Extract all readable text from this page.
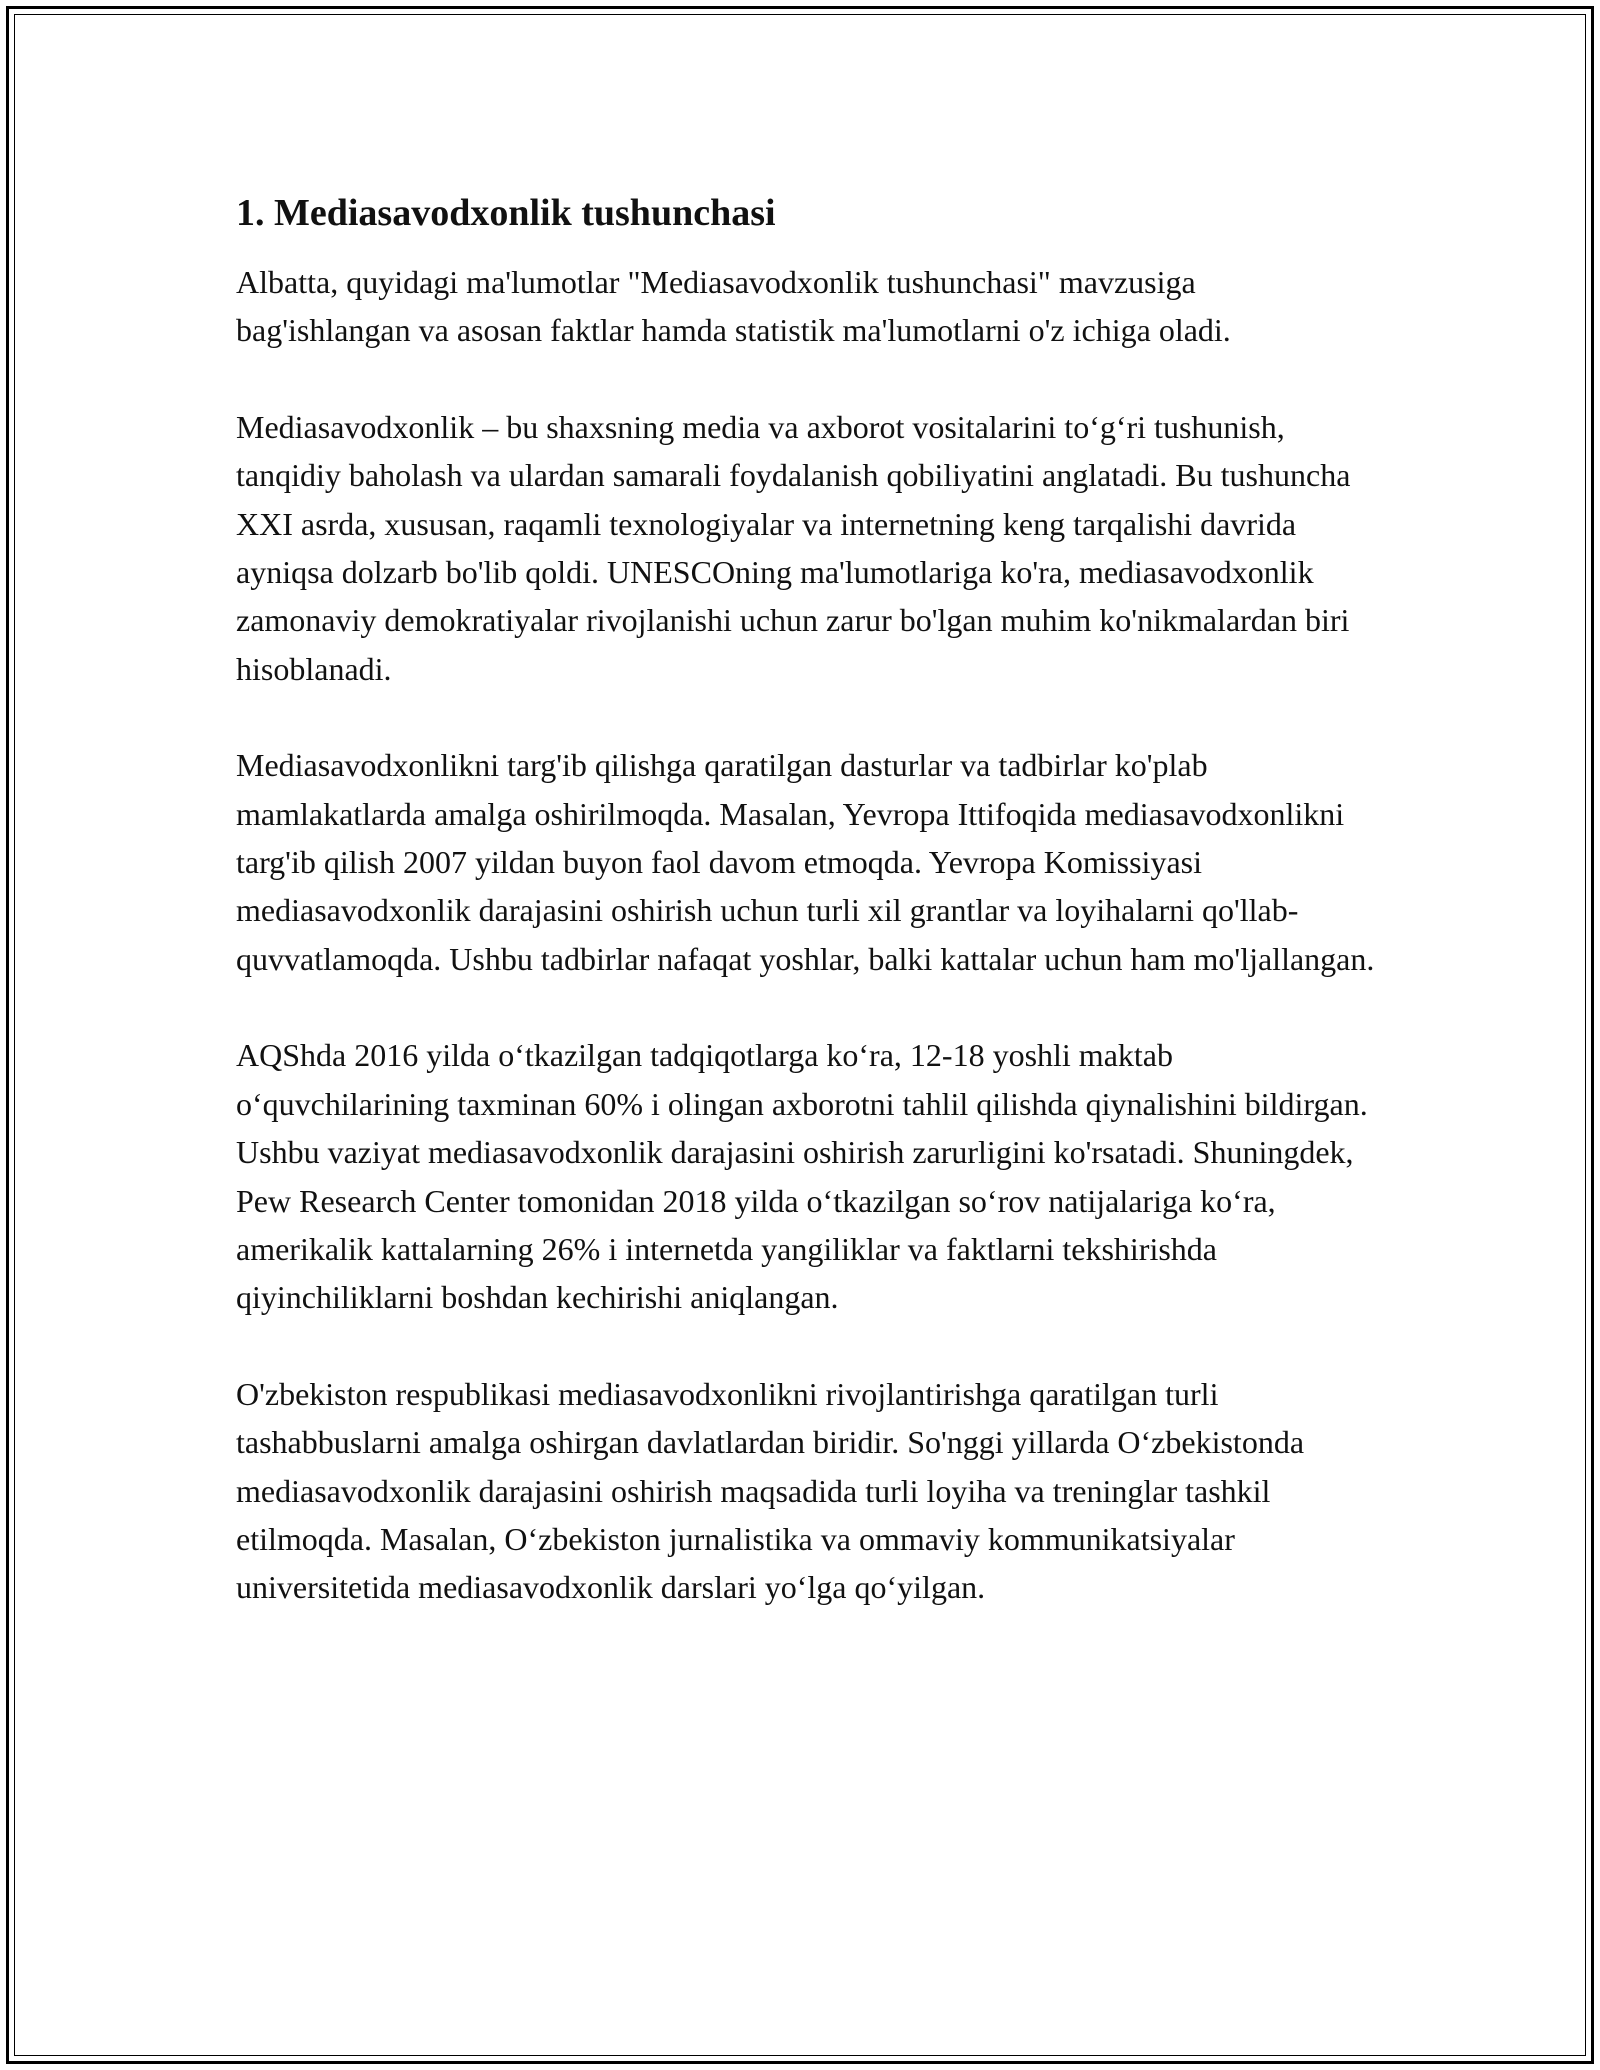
1. Mediasavodxonlik tushunchasi

Albatta, quyidagi ma'lumotlar "Mediasavodxonlik tushunchasi" mavzusiga bag'ishlangan va asosan faktlar hamda statistik ma'lumotlarni o'z ichiga oladi.

Mediasavodxonlik – bu shaxsning media va axborot vositalarini to‘g‘ri tushunish, tanqidiy baholash va ulardan samarali foydalanish qobiliyatini anglatadi. Bu tushuncha XXI asrda, xususan, raqamli texnologiyalar va internetning keng tarqalishi davrida ayniqsa dolzarb bo'lib qoldi. UNESCOning ma'lumotlariga ko'ra, mediasavodxonlik zamonaviy demokratiyalar rivojlanishi uchun zarur bo'lgan muhim ko'nikmalardan biri hisoblanadi.

Mediasavodxonlikni targ'ib qilishga qaratilgan dasturlar va tadbirlar ko'plab mamlakatlarda amalga oshirilmoqda. Masalan, Yevropa Ittifoqida mediasavodxonlikni targ'ib qilish 2007 yildan buyon faol davom etmoqda. Yevropa Komissiyasi mediasavodxonlik darajasini oshirish uchun turli xil grantlar va loyihalarni qo'llab-quvvatlamoqda. Ushbu tadbirlar nafaqat yoshlar, balki kattalar uchun ham mo'ljallangan.

AQShda 2016 yilda o‘tkazilgan tadqiqotlarga ko‘ra, 12-18 yoshli maktab o‘quvchilarining taxminan 60% i olingan axborotni tahlil qilishda qiynalishini bildirgan. Ushbu vaziyat mediasavodxonlik darajasini oshirish zarurligini ko'rsatadi. Shuningdek, Pew Research Center tomonidan 2018 yilda o‘tkazilgan so‘rov natijalariga ko‘ra, amerikalik kattalarning 26% i internetda yangiliklar va faktlarni tekshirishda qiyinchiliklarni boshdan kechirishi aniqlangan.

O'zbekiston respublikasi mediasavodxonlikni rivojlantirishga qaratilgan turli tashabbuslarni amalga oshirgan davlatlardan biridir. So'nggi yillarda O‘zbekistonda mediasavodxonlik darajasini oshirish maqsadida turli loyiha va treninglar tashkil etilmoqda. Masalan, O‘zbekiston jurnalistika va ommaviy kommunikatsiyalar universitetida mediasavodxonlik darslari yo‘lga qo‘yilgan.
